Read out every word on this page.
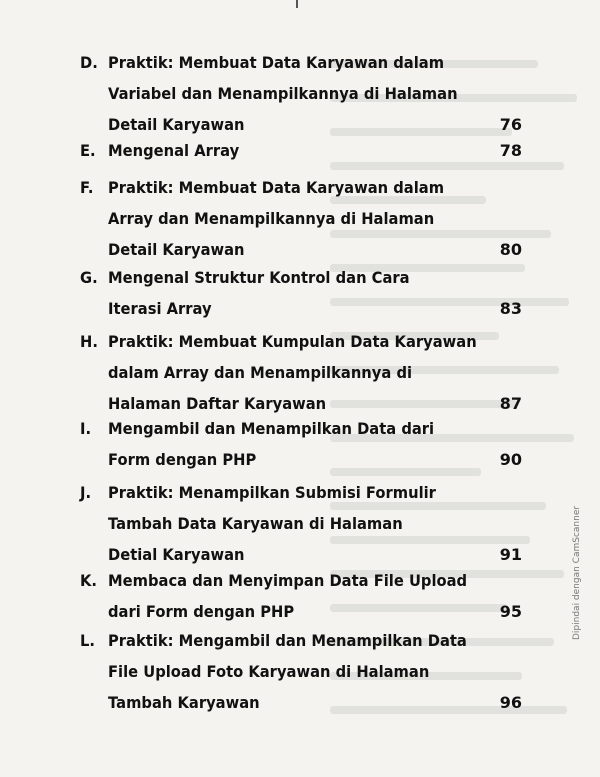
D. Praktik: Membuat Data Karyawan dalam
Variabel dan Menampilkannya di Halaman
Detail Karyawan	76
E. Mengenal Array	78
F. Praktik: Membuat Data Karyawan dalam
Array dan Menampilkannya di Halaman
Detail Karyawan	80
G. Mengenal Struktur Kontrol dan Cara
Iterasi Array	83
H. Praktik: Membuat Kumpulan Data Karyawan
dalam Array dan Menampilkannya di
Halaman Daftar Karyawan	87
I. Mengambil dan Menampilkan Data dari
Form dengan PHP	90
J. Praktik: Menampilkan Submisi Formulir
Tambah Data Karyawan di Halaman
Detial Karyawan	91
K. Membaca dan Menyimpan Data File Upload
dari Form dengan PHP	95
L. Praktik: Mengambil dan Menampilkan Data
File Upload Foto Karyawan di Halaman
Tambah Karyawan	96
Dipindai dengan CamScanner
